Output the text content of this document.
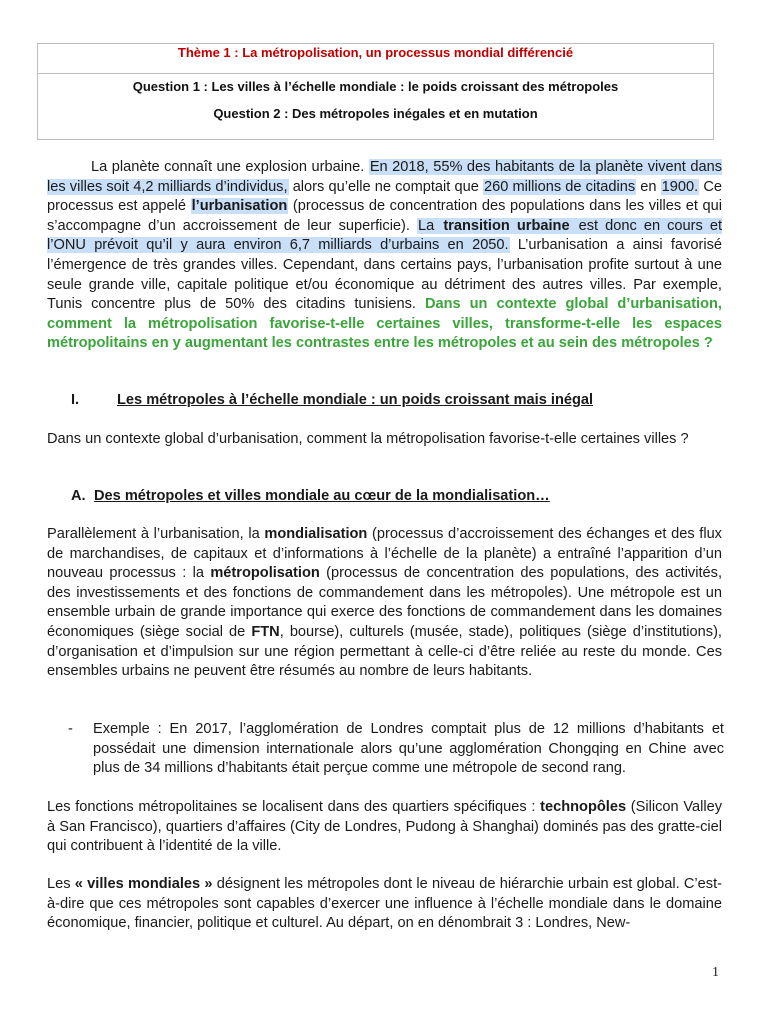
Thème 1 : La métropolisation, un processus mondial différencié
Question 1 : Les villes à l’échelle mondiale : le poids croissant des métropoles
Question 2 : Des métropoles inégales et en mutation
La planète connaît une explosion urbaine. En 2018, 55% des habitants de la planète vivent dans les villes soit 4,2 milliards d’individus, alors qu’elle ne comptait que 260 millions de citadins en 1900. Ce processus est appelé l’urbanisation (processus de concentration des populations dans les villes et qui s’accompagne d’un accroissement de leur superficie). La transition urbaine est donc en cours et l’ONU prévoit qu’il y aura environ 6,7 milliards d’urbains en 2050. L’urbanisation a ainsi favorisé l’émergence de très grandes villes. Cependant, dans certains pays, l’urbanisation profite surtout à une seule grande ville, capitale politique et/ou économique au détriment des autres villes. Par exemple, Tunis concentre plus de 50% des citadins tunisiens. Dans un contexte global d’urbanisation, comment la métropolisation favorise-t-elle certaines villes, transforme-t-elle les espaces métropolitains en y augmentant les contrastes entre les métropoles et au sein des métropoles ?
I.	Les métropoles à l’échelle mondiale : un poids croissant mais inégal
Dans un contexte global d’urbanisation, comment la métropolisation favorise-t-elle certaines villes ?
A. Des métropoles et villes mondiale au cœur de la mondialisation…
Parallèlement à l’urbanisation, la mondialisation (processus d’accroissement des échanges et des flux de marchandises, de capitaux et d’informations à l’échelle de la planète) a entraîné l’apparition d’un nouveau processus : la métropolisation (processus de concentration des populations, des activités, des investissements et des fonctions de commandement dans les métropoles). Une métropole est un ensemble urbain de grande importance qui exerce des fonctions de commandement dans les domaines économiques (siège social de FTN, bourse), culturels (musée, stade), politiques (siège d’institutions), d’organisation et d’impulsion sur une région permettant à celle-ci d’être reliée au reste du monde. Ces ensembles urbains ne peuvent être résumés au nombre de leurs habitants.
- Exemple : En 2017, l’agglomération de Londres comptait plus de 12 millions d’habitants et possédait une dimension internationale alors qu’une agglomération Chongqing en Chine avec plus de 34 millions d’habitants était perçue comme une métropole de second rang.
Les fonctions métropolitaines se localisent dans des quartiers spécifiques : technopôles (Silicon Valley à San Francisco), quartiers d’affaires (City de Londres, Pudong à Shanghai) dominés pas des gratte-ciel qui contribuent à l’identité de la ville.
Les « villes mondiales » désignent les métropoles dont le niveau de hiérarchie urbain est global. C’est-à-dire que ces métropoles sont capables d’exercer une influence à l’échelle mondiale dans le domaine économique, financier, politique et culturel. Au départ, on en dénombrait 3 : Londres, New-
1
